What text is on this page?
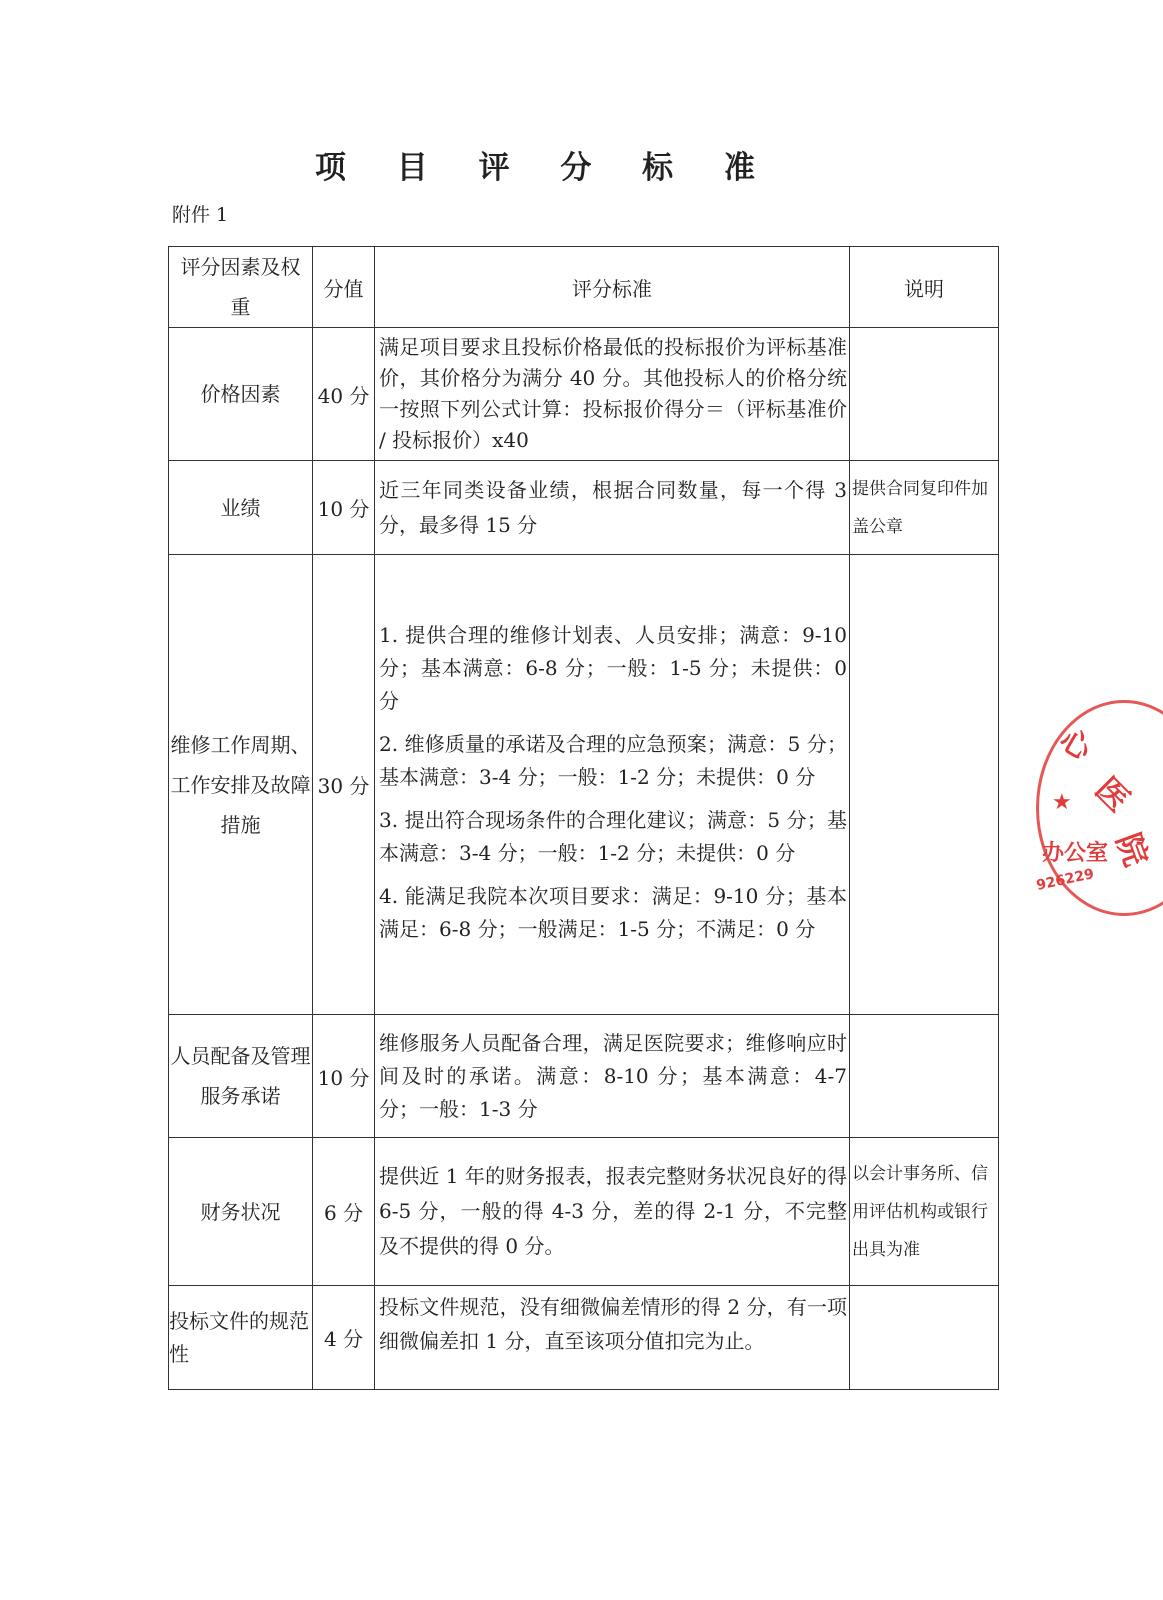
项 目 评 分 标 准
附件 1
评分因素及权重	分值	评分标准	说明
价格因素	40 分	满足项目要求且投标价格最低的投标报价为评标基准价，其价格分为满分 40 分。其他投标人的价格分统一按照下列公式计算：投标报价得分＝（评标基准价 / 投标报价）x40	
业绩	10 分	近三年同类设备业绩，根据合同数量，每一个得 3 分，最多得 15 分	提供合同复印件加盖公章
维修工作周期、工作安排及故障措施	30 分	1. 提供合理的维修计划表、人员安排；满意：9-10 分；基本满意：6-8 分；一般：1-5 分；未提供：0 分
2. 维修质量的承诺及合理的应急预案；满意：5 分；基本满意：3-4 分；一般：1-2 分；未提供：0 分
3. 提出符合现场条件的合理化建议；满意：5 分；基本满意：3-4 分；一般：1-2 分；未提供：0 分
4. 能满足我院本次项目要求：满足：9-10 分；基本满足：6-8 分；一般满足：1-5 分；不满足：0 分	

人员配备及管理服务承诺	10 分	维修服务人员配备合理，满足医院要求；维修响应时间及时的承诺。满意：8-10 分；基本满意：4-7 分；一般：1-3 分	
财务状况	6 分	提供近 1 年的财务报表，报表完整财务状况良好的得 6-5 分，一般的得 4-3 分，差的得 2-1 分，不完整及不提供的得 0 分。	以会计事务所、信用评估机构或银行出具为准
投标文件的规范性	4 分	投标文件规范，没有细微偏差情形的得 2 分，有一项细微偏差扣 1 分，直至该项分值扣完为止。	
★
心
医
院
办公室
926229
